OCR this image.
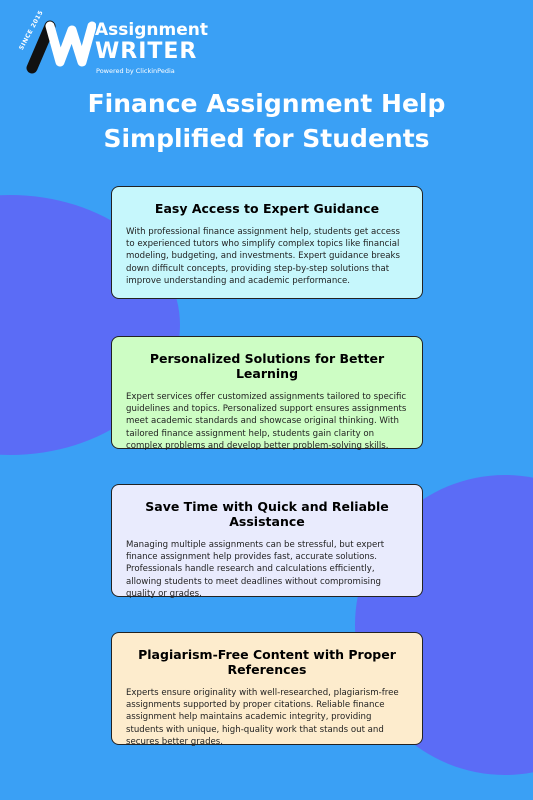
SINCE 2015	Assignment
WRITER
Powered by ClickinPedia
Finance Assignment Help
Simplified for Students
Easy Access to Expert Guidance

With professional finance assignment help, students get access to experienced tutors who simplify complex topics like financial modeling, budgeting, and investments. Expert guidance breaks down difficult concepts, providing step-by-step solutions that improve understanding and academic performance.

Personalized Solutions for Better Learning

Expert services offer customized assignments tailored to specific guidelines and topics. Personalized support ensures assignments meet academic standards and showcase original thinking. With tailored finance assignment help, students gain clarity on complex problems and develop better problem-solving skills.

Save Time with Quick and Reliable Assistance

Managing multiple assignments can be stressful, but expert finance assignment help provides fast, accurate solutions. Professionals handle research and calculations efficiently, allowing students to meet deadlines without compromising quality or grades.

Plagiarism-Free Content with Proper References

Experts ensure originality with well-researched, plagiarism-free assignments supported by proper citations. Reliable finance assignment help maintains academic integrity, providing students with unique, high-quality work that stands out and secures better grades.
